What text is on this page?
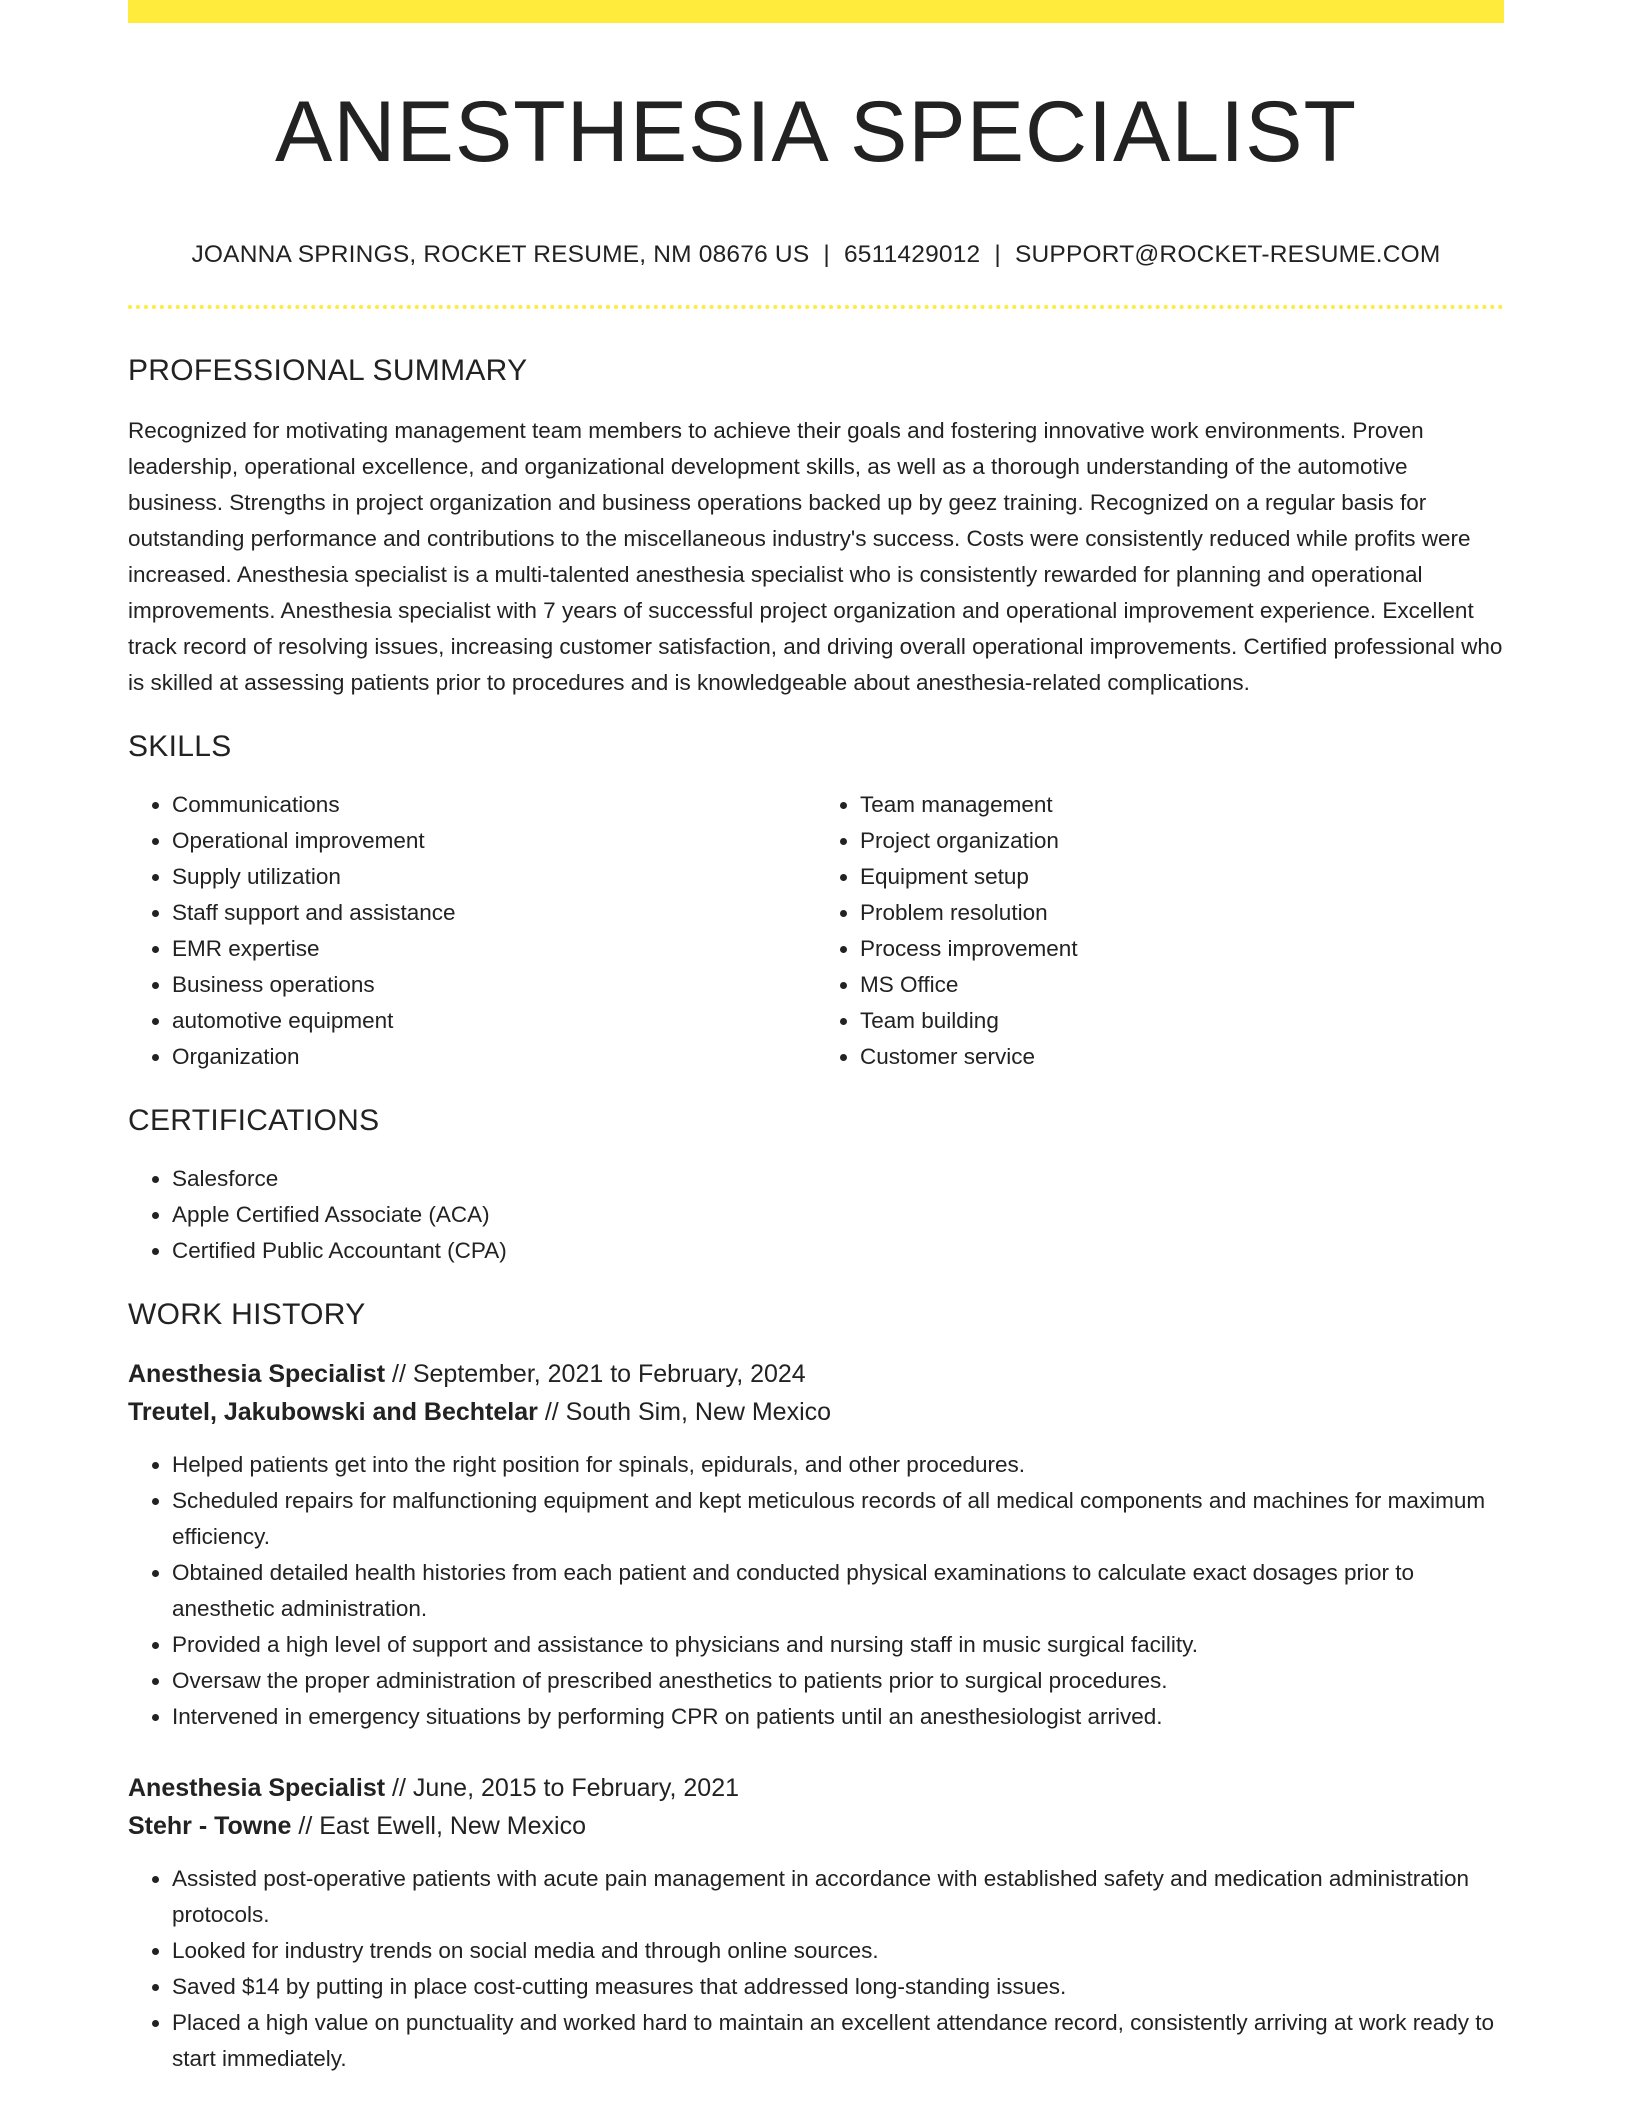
ANESTHESIA SPECIALIST
JOANNA SPRINGS, ROCKET RESUME, NM 08676 US | 6511429012 | SUPPORT@ROCKET-RESUME.COM
PROFESSIONAL SUMMARY

Recognized for motivating management team members to achieve their goals and fostering innovative work environments. Proven leadership, operational excellence, and organizational development skills, as well as a thorough understanding of the automotive business. Strengths in project organization and business operations backed up by geez training. Recognized on a regular basis for outstanding performance and contributions to the miscellaneous industry's success. Costs were consistently reduced while profits were increased. Anesthesia specialist is a multi-talented anesthesia specialist who is consistently rewarded for planning and operational improvements. Anesthesia specialist with 7 years of successful project organization and operational improvement experience. Excellent track record of resolving issues, increasing customer satisfaction, and driving overall operational improvements. Certified professional who is skilled at assessing patients prior to procedures and is knowledgeable about anesthesia-related complications.

SKILLS
• Communications
• Operational improvement
• Supply utilization
• Staff support and assistance
• EMR expertise
• Business operations
• automotive equipment
• Organization
• Team management
• Project organization
• Equipment setup
• Problem resolution
• Process improvement
• MS Office
• Team building
• Customer service
CERTIFICATIONS
• Salesforce
• Apple Certified Associate (ACA)
• Certified Public Accountant (CPA)
WORK HISTORY
Anesthesia Specialist // September, 2021 to February, 2024
Treutel, Jakubowski and Bechtelar // South Sim, New Mexico
• Helped patients get into the right position for spinals, epidurals, and other procedures.
• Scheduled repairs for malfunctioning equipment and kept meticulous records of all medical components and machines for maximum efficiency.
• Obtained detailed health histories from each patient and conducted physical examinations to calculate exact dosages prior to anesthetic administration.
• Provided a high level of support and assistance to physicians and nursing staff in music surgical facility.
• Oversaw the proper administration of prescribed anesthetics to patients prior to surgical procedures.
• Intervened in emergency situations by performing CPR on patients until an anesthesiologist arrived.
Anesthesia Specialist // June, 2015 to February, 2021
Stehr - Towne // East Ewell, New Mexico
• Assisted post-operative patients with acute pain management in accordance with established safety and medication administration protocols.
• Looked for industry trends on social media and through online sources.
• Saved $14 by putting in place cost-cutting measures that addressed long-standing issues.
• Placed a high value on punctuality and worked hard to maintain an excellent attendance record, consistently arriving at work ready to start immediately.
